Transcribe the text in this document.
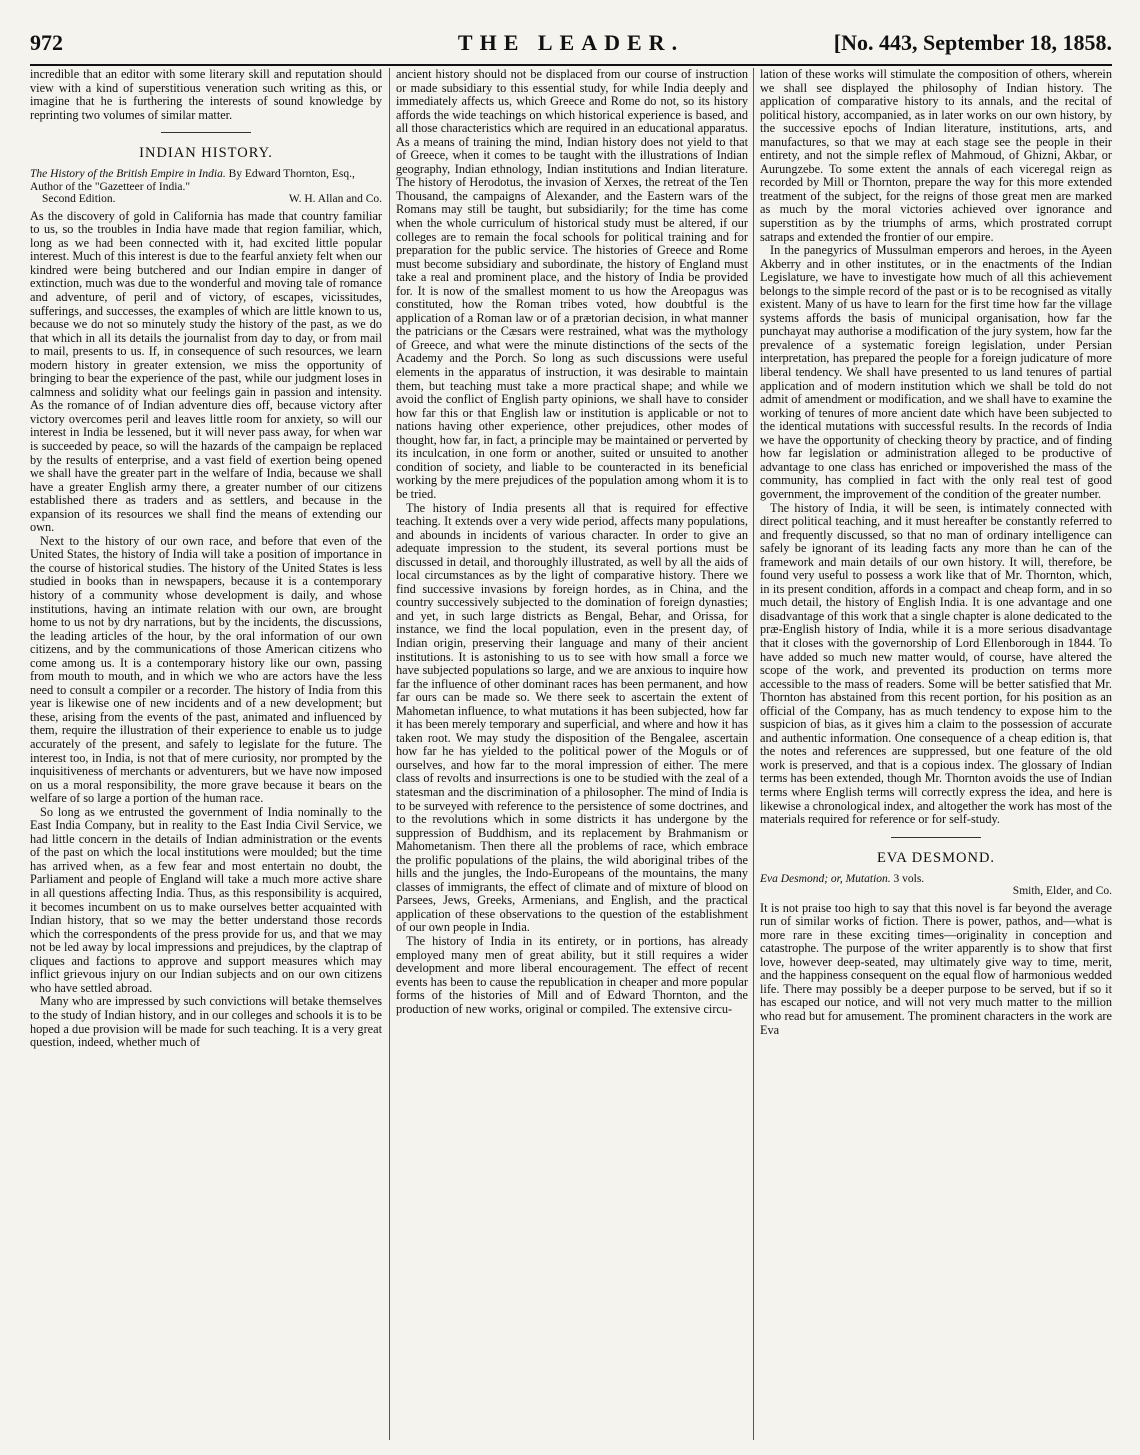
972	THE LEADER.	[No. 443, September 18, 1858.

incredible that an editor with some literary skill and reputation should view with a kind of superstitious veneration such writing as this, or imagine that he is furthering the interests of sound knowledge by reprinting two volumes of similar matter.

INDIAN HISTORY.
The History of the British Empire in India. By Edward Thornton, Esq., Author of the "Gazetteer of India."
Second Edition.	W. H. Allan and Co.

As the discovery of gold in California has made that country familiar to us, so the troubles in India have made that region familiar, which, long as we had been connected with it, had excited little popular interest. Much of this interest is due to the fearful anxiety felt when our kindred were being butchered and our Indian empire in danger of extinction, much was due to the wonderful and moving tale of romance and adventure, of peril and of victory, of escapes, vicissitudes, sufferings, and successes, the examples of which are little known to us, because we do not so minutely study the history of the past, as we do that which in all its details the journalist from day to day, or from mail to mail, presents to us. If, in consequence of such resources, we learn modern history in greater extension, we miss the opportunity of bringing to bear the experience of the past, while our judgment loses in calmness and solidity what our feelings gain in passion and intensity. As the romance of of Indian adventure dies off, because victory after victory overcomes peril and leaves little room for anxiety, so will our interest in India be lessened, but it will never pass away, for when war is succeeded by peace, so will the hazards of the campaign be replaced by the results of enterprise, and a vast field of exertion being opened we shall have the greater part in the welfare of India, because we shall have a greater English army there, a greater number of our citizens established there as traders and as settlers, and because in the expansion of its resources we shall find the means of extending our own.

Next to the history of our own race, and before that even of the United States, the history of India will take a position of importance in the course of historical studies. The history of the United States is less studied in books than in newspapers, because it is a contemporary history of a community whose development is daily, and whose institutions, having an intimate relation with our own, are brought home to us not by dry narrations, but by the incidents, the discussions, the leading articles of the hour, by the oral information of our own citizens, and by the communications of those American citizens who come among us. It is a contemporary history like our own, passing from mouth to mouth, and in which we who are actors have the less need to consult a compiler or a recorder. The history of India from this year is likewise one of new incidents and of a new development; but these, arising from the events of the past, animated and influenced by them, require the illustration of their experience to enable us to judge accurately of the present, and safely to legislate for the future. The interest too, in India, is not that of mere curiosity, nor prompted by the inquisitiveness of merchants or adventurers, but we have now imposed on us a moral responsibility, the more grave because it bears on the welfare of so large a portion of the human race.

So long as we entrusted the government of India nominally to the East India Company, but in reality to the East India Civil Service, we had little concern in the details of Indian administration or the events of the past on which the local institutions were moulded; but the time has arrived when, as a few fear and most entertain no doubt, the Parliament and people of England will take a much more active share in all questions affecting India. Thus, as this responsibility is acquired, it becomes incumbent on us to make ourselves better acquainted with Indian history, that so we may the better understand those records which the correspondents of the press provide for us, and that we may not be led away by local impressions and prejudices, by the claptrap of cliques and factions to approve and support measures which may inflict grievous injury on our Indian subjects and on our own citizens who have settled abroad.

Many who are impressed by such convictions will betake themselves to the study of Indian history, and in our colleges and schools it is to be hoped a due provision will be made for such teaching. It is a very great question, indeed, whether much of

ancient history should not be displaced from our course of instruction or made subsidiary to this essential study, for while India deeply and immediately affects us, which Greece and Rome do not, so its history affords the wide teachings on which historical experience is based, and all those characteristics which are required in an educational apparatus. As a means of training the mind, Indian history does not yield to that of Greece, when it comes to be taught with the illustrations of Indian geography, Indian ethnology, Indian institutions and Indian literature. The history of Herodotus, the invasion of Xerxes, the retreat of the Ten Thousand, the campaigns of Alexander, and the Eastern wars of the Romans may still be taught, but subsidiarily; for the time has come when the whole curriculum of historical study must be altered, if our colleges are to remain the focal schools for political training and for preparation for the public service. The histories of Greece and Rome must become subsidiary and subordinate, the history of England must take a real and prominent place, and the history of India be provided for. It is now of the smallest moment to us how the Areopagus was constituted, how the Roman tribes voted, how doubtful is the application of a Roman law or of a prætorian decision, in what manner the patricians or the Cæsars were restrained, what was the mythology of Greece, and what were the minute distinctions of the sects of the Academy and the Porch. So long as such discussions were useful elements in the apparatus of instruction, it was desirable to maintain them, but teaching must take a more practical shape; and while we avoid the conflict of English party opinions, we shall have to consider how far this or that English law or institution is applicable or not to nations having other experience, other prejudices, other modes of thought, how far, in fact, a principle may be maintained or perverted by its inculcation, in one form or another, suited or unsuited to another condition of society, and liable to be counteracted in its beneficial working by the mere prejudices of the population among whom it is to be tried.

The history of India presents all that is required for effective teaching. It extends over a very wide period, affects many populations, and abounds in incidents of various character. In order to give an adequate impression to the student, its several portions must be discussed in detail, and thoroughly illustrated, as well by all the aids of local circumstances as by the light of comparative history. There we find successive invasions by foreign hordes, as in China, and the country successively subjected to the domination of foreign dynasties; and yet, in such large districts as Bengal, Behar, and Orissa, for instance, we find the local population, even in the present day, of Indian origin, preserving their language and many of their ancient institutions. It is astonishing to us to see with how small a force we have subjected populations so large, and we are anxious to inquire how far the influence of other dominant races has been permanent, and how far ours can be made so. We there seek to ascertain the extent of Mahometan influence, to what mutations it has been subjected, how far it has been merely temporary and superficial, and where and how it has taken root. We may study the disposition of the Bengalee, ascertain how far he has yielded to the political power of the Moguls or of ourselves, and how far to the moral impression of either. The mere class of revolts and insurrections is one to be studied with the zeal of a statesman and the discrimination of a philosopher. The mind of India is to be surveyed with reference to the persistence of some doctrines, and to the revolutions which in some districts it has undergone by the suppression of Buddhism, and its replacement by Brahmanism or Mahometanism. Then there all the problems of race, which embrace the prolific populations of the plains, the wild aboriginal tribes of the hills and the jungles, the Indo-Europeans of the mountains, the many classes of immigrants, the effect of climate and of mixture of blood on Parsees, Jews, Greeks, Armenians, and English, and the practical application of these observations to the question of the establishment of our own people in India.

The history of India in its entirety, or in portions, has already employed many men of great ability, but it still requires a wider development and more liberal encouragement. The effect of recent events has been to cause the republication in cheaper and more popular forms of the histories of Mill and of Edward Thornton, and the production of new works, original or compiled. The extensive circu-

lation of these works will stimulate the composition of others, wherein we shall see displayed the philosophy of Indian history. The application of comparative history to its annals, and the recital of political history, accompanied, as in later works on our own history, by the successive epochs of Indian literature, institutions, arts, and manufactures, so that we may at each stage see the people in their entirety, and not the simple reflex of Mahmoud, of Ghizni, Akbar, or Aurungzebe. To some extent the annals of each viceregal reign as recorded by Mill or Thornton, prepare the way for this more extended treatment of the subject, for the reigns of those great men are marked as much by the moral victories achieved over ignorance and superstition as by the triumphs of arms, which prostrated corrupt satraps and extended the frontier of our empire.

In the panegyrics of Mussulman emperors and heroes, in the Ayeen Akberry and in other institutes, or in the enactments of the Indian Legislature, we have to investigate how much of all this achievement belongs to the simple record of the past or is to be recognised as vitally existent. Many of us have to learn for the first time how far the village systems affords the basis of municipal organisation, how far the punchayat may authorise a modification of the jury system, how far the prevalence of a systematic foreign legislation, under Persian interpretation, has prepared the people for a foreign judicature of more liberal tendency. We shall have presented to us land tenures of partial application and of modern institution which we shall be told do not admit of amendment or modification, and we shall have to examine the working of tenures of more ancient date which have been subjected to the identical mutations with successful results. In the records of India we have the opportunity of checking theory by practice, and of finding how far legislation or administration alleged to be productive of advantage to one class has enriched or impoverished the mass of the community, has complied in fact with the only real test of good government, the improvement of the condition of the greater number.

The history of India, it will be seen, is intimately connected with direct political teaching, and it must hereafter be constantly referred to and frequently discussed, so that no man of ordinary intelligence can safely be ignorant of its leading facts any more than he can of the framework and main details of our own history. It will, therefore, be found very useful to possess a work like that of Mr. Thornton, which, in its present condition, affords in a compact and cheap form, and in so much detail, the history of English India. It is one advantage and one disadvantage of this work that a single chapter is alone dedicated to the præ-English history of India, while it is a more serious disadvantage that it closes with the governorship of Lord Ellenborough in 1844. To have added so much new matter would, of course, have altered the scope of the work, and prevented its production on terms more accessible to the mass of readers. Some will be better satisfied that Mr. Thornton has abstained from this recent portion, for his position as an official of the Company, has as much tendency to expose him to the suspicion of bias, as it gives him a claim to the possession of accurate and authentic information. One consequence of a cheap edition is, that the notes and references are suppressed, but one feature of the old work is preserved, and that is a copious index. The glossary of Indian terms has been extended, though Mr. Thornton avoids the use of Indian terms where English terms will correctly express the idea, and here is likewise a chronological index, and altogether the work has most of the materials required for reference or for self-study.

EVA DESMOND.
Eva Desmond; or, Mutation. 3 vols.
Smith, Elder, and Co.

It is not praise too high to say that this novel is far beyond the average run of similar works of fiction. There is power, pathos, and—what is more rare in these exciting times—originality in conception and catastrophe. The purpose of the writer apparently is to show that first love, however deep-seated, may ultimately give way to time, merit, and the happiness consequent on the equal flow of harmonious wedded life. There may possibly be a deeper purpose to be served, but if so it has escaped our notice, and will not very much matter to the million who read but for amusement. The prominent characters in the work are Eva
